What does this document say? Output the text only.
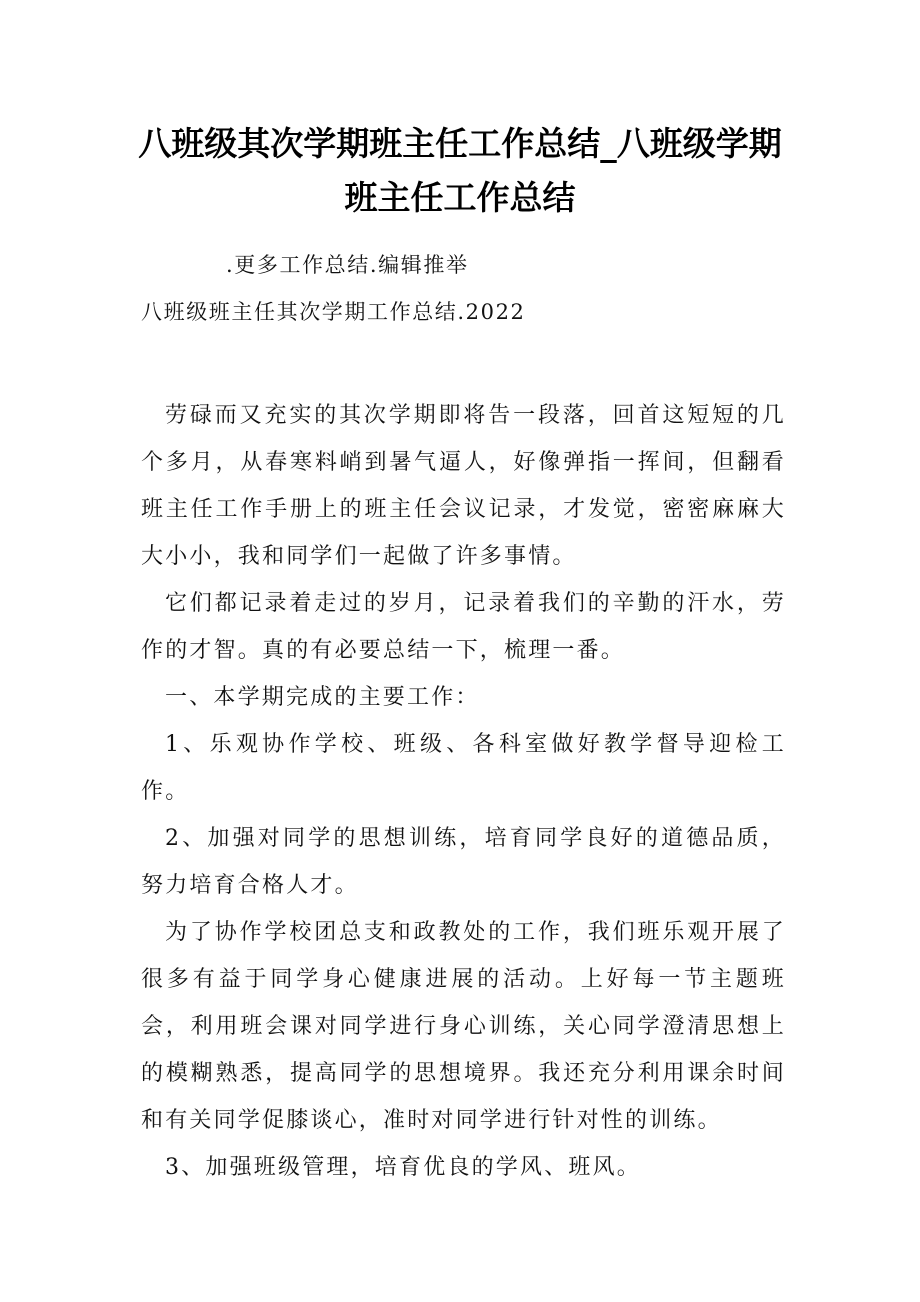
八班级其次学期班主任工作总结_八班级学期班主任工作总结
.更多工作总结.编辑推举
八班级班主任其次学期工作总结.2022

劳碌而又充实的其次学期即将告一段落，回首这短短的几个多月，从春寒料峭到暑气逼人，好像弹指一挥间，但翻看班主任工作手册上的班主任会议记录，才发觉，密密麻麻大大小小，我和同学们一起做了许多事情。

它们都记录着走过的岁月，记录着我们的辛勤的汗水，劳作的才智。真的有必要总结一下，梳理一番。

一、本学期完成的主要工作：

1、乐观协作学校、班级、各科室做好教学督导迎检工作。

2、加强对同学的思想训练，培育同学良好的道德品质，努力培育合格人才。

为了协作学校团总支和政教处的工作，我们班乐观开展了很多有益于同学身心健康进展的活动。上好每一节主题班会，利用班会课对同学进行身心训练，关心同学澄清思想上的模糊熟悉，提高同学的思想境界。我还充分利用课余时间和有关同学促膝谈心，准时对同学进行针对性的训练。

3、加强班级管理，培育优良的学风、班风。
